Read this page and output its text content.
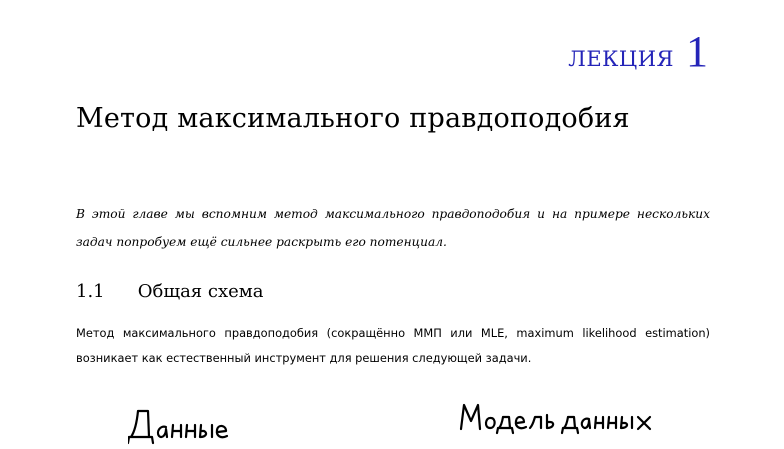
ЛЕКЦИЯ 1
Метод максимального правдоподобия

В этой главе мы вспомним метод максимального правдоподобия и на примере нескольких задач попробуем ещё сильнее раскрыть его потенциал.

1.1 Общая схема

Метод максимального правдоподобия (сокращённо ММП или MLE, maximum likelihood estimation) возникает как естественный инструмент для решения следующей задачи.
